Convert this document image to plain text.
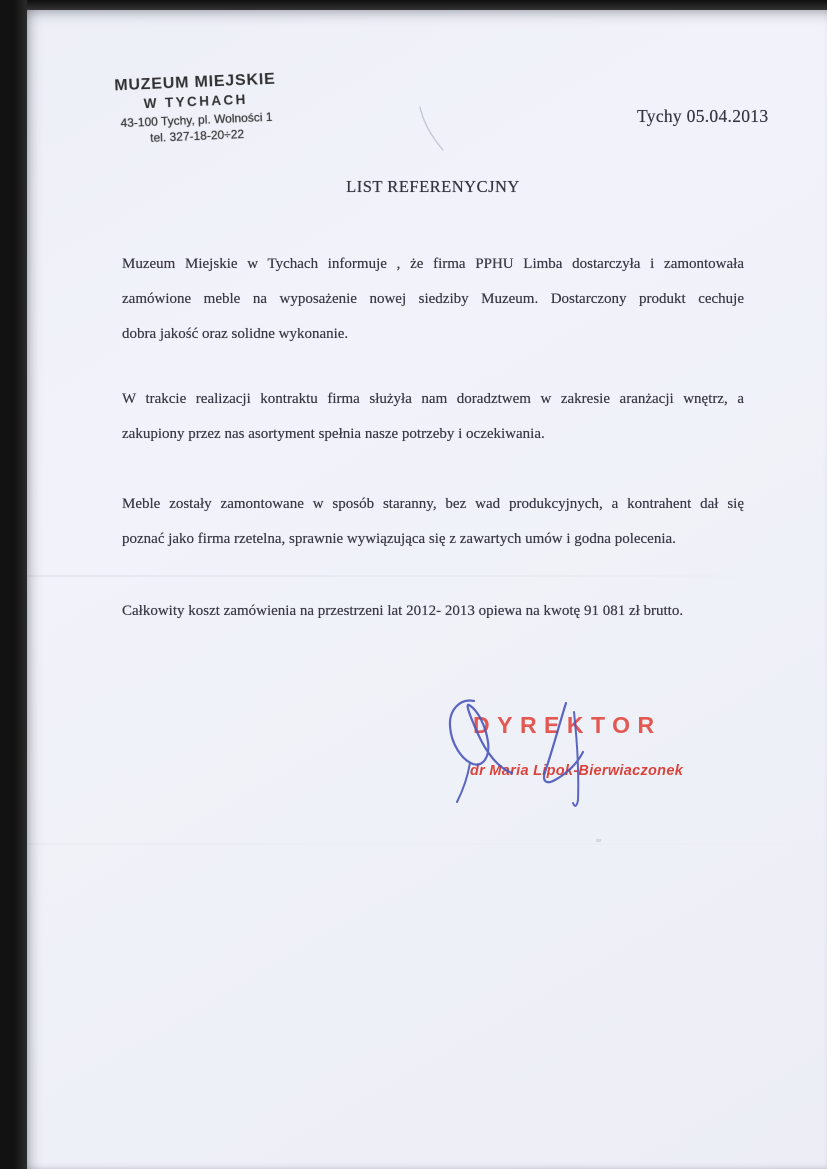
MUZEUM MIEJSKIE
W TYCHACH
43-100 Tychy, pl. Wolności 1
tel. 327-18-20÷22
Tychy 05.04.2013
LIST REFERENYCJNY
Muzeum Miejskie w Tychach informuje , że firma PPHU Limba dostarczyła i zamontowała
zamówione meble na wyposażenie nowej siedziby Muzeum. Dostarczony produkt cechuje
dobra jakość oraz solidne wykonanie.
W trakcie realizacji kontraktu firma służyła nam doradztwem w zakresie aranżacji wnętrz, a
zakupiony przez nas asortyment spełnia nasze potrzeby i oczekiwania.
Meble zostały zamontowane w sposób staranny, bez wad produkcyjnych, a kontrahent dał się
poznać jako firma rzetelna, sprawnie wywiązująca się z zawartych umów i godna polecenia.
Całkowity koszt zamówienia na przestrzeni lat 2012- 2013 opiewa na kwotę 91 081 zł brutto.
DYREKTOR
dr Maria Lipok-Bierwiaczonek
